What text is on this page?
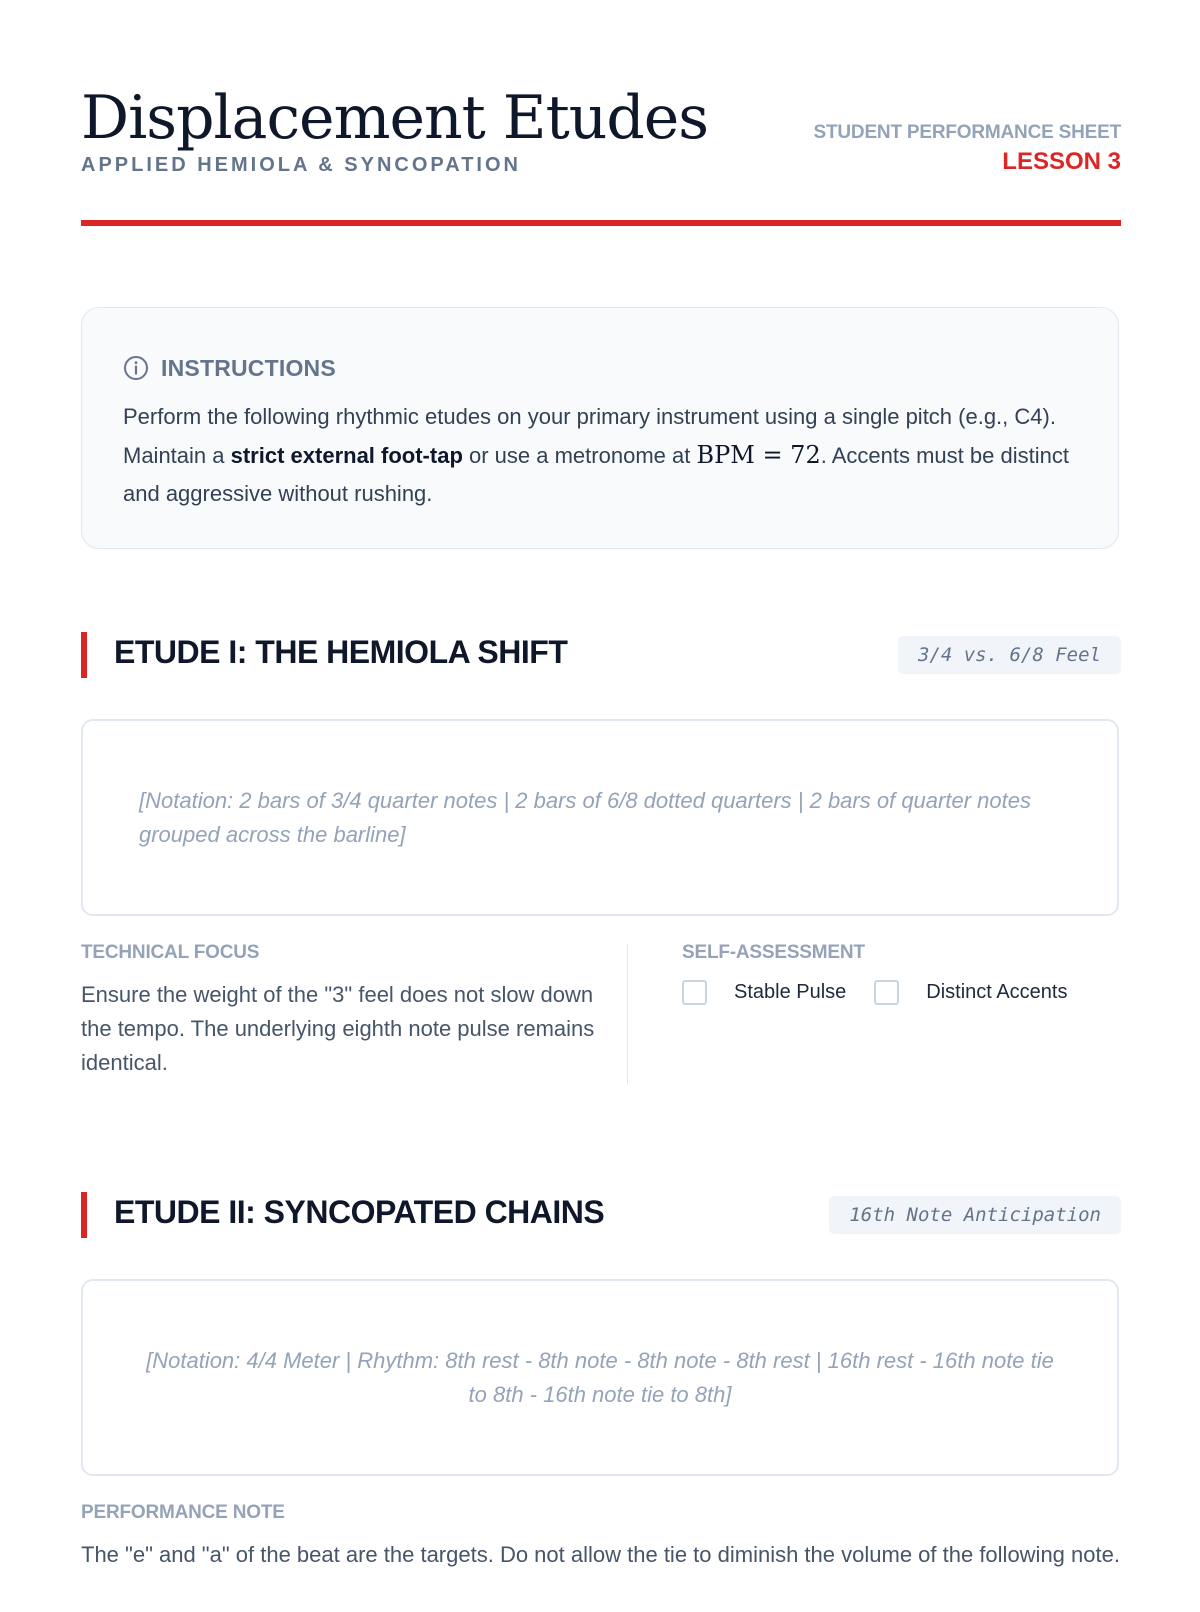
Displacement Etudes
APPLIED HEMIOLA & SYNCOPATION
STUDENT PERFORMANCE SHEET
LESSON 3
INSTRUCTIONS
Perform the following rhythmic etudes on your primary instrument using a single pitch (e.g., C4). Maintain a strict external foot-tap or use a metronome at BPM = 72. Accents must be distinct and aggressive without rushing.
ETUDE I: THE HEMIOLA SHIFT	3/4 vs. 6/8 Feel
[Notation: 2 bars of 3/4 quarter notes | 2 bars of 6/8 dotted quarters | 2 bars of quarter notes grouped across the barline]
TECHNICAL FOCUS
Ensure the weight of the "3" feel does not slow down the tempo. The underlying eighth note pulse remains identical.
SELF-ASSESSMENT
Stable Pulse	Distinct Accents
ETUDE II: SYNCOPATED CHAINS	16th Note Anticipation
[Notation: 4/4 Meter | Rhythm: 8th rest - 8th note - 8th note - 8th rest | 16th rest - 16th note tie to 8th - 16th note tie to 8th]
PERFORMANCE NOTE
The "e" and "a" of the beat are the targets. Do not allow the tie to diminish the volume of the following note.
